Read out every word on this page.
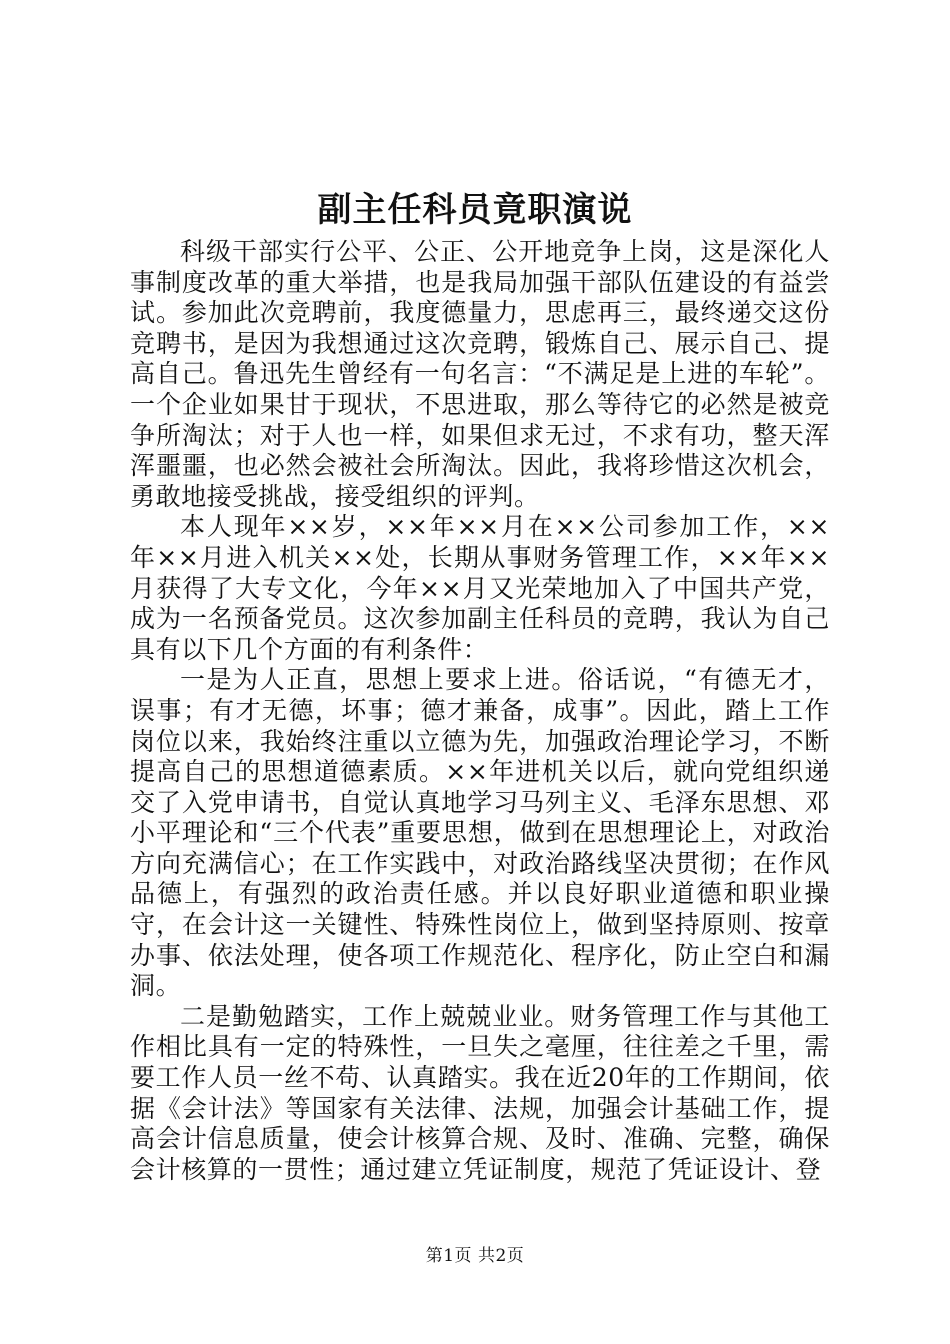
副主任科员竟职演说

科级干部实行公平、公正、公开地竞争上岗，这是深化人事制度改革的重大举措，也是我局加强干部队伍建设的有益尝试。参加此次竞聘前，我度德量力，思虑再三，最终递交这份竞聘书，是因为我想通过这次竞聘，锻炼自己、展示自己、提高自己。鲁迅先生曾经有一句名言：“不满足是上进的车轮”。一个企业如果甘于现状，不思进取，那么等待它的必然是被竞争所淘汰；对于人也一样，如果但求无过，不求有功，整天浑浑噩噩，也必然会被社会所淘汰。因此，我将珍惜这次机会，勇敢地接受挑战，接受组织的评判。

本人现年××岁，××年××月在××公司参加工作，××年××月进入机关××处，长期从事财务管理工作，××年××月获得了大专文化，今年××月又光荣地加入了中国共产党，成为一名预备党员。这次参加副主任科员的竞聘，我认为自己具有以下几个方面的有利条件：

一是为人正直，思想上要求上进。俗话说，“有德无才，误事；有才无德，坏事；德才兼备，成事”。因此，踏上工作岗位以来，我始终注重以立德为先，加强政治理论学习，不断提高自己的思想道德素质。××年进机关以后，就向党组织递交了入党申请书，自觉认真地学习马列主义、毛泽东思想、邓小平理论和“三个代表”重要思想，做到在思想理论上，对政治方向充满信心；在工作实践中，对政治路线坚决贯彻；在作风品德上，有强烈的政治责任感。并以良好职业道德和职业操守，在会计这一关键性、特殊性岗位上，做到坚持原则、按章办事、依法处理，使各项工作规范化、程序化，防止空白和漏洞。

二是勤勉踏实，工作上兢兢业业。财务管理工作与其他工作相比具有一定的特殊性，一旦失之毫厘，往往差之千里，需要工作人员一丝不苟、认真踏实。我在近20年的工作期间，依据《会计法》等国家有关法律、法规，加强会计基础工作，提高会计信息质量，使会计核算合规、及时、准确、完整，确保会计核算的一贯性；通过建立凭证制度，规范了凭证设计、登

第1页 共2页
